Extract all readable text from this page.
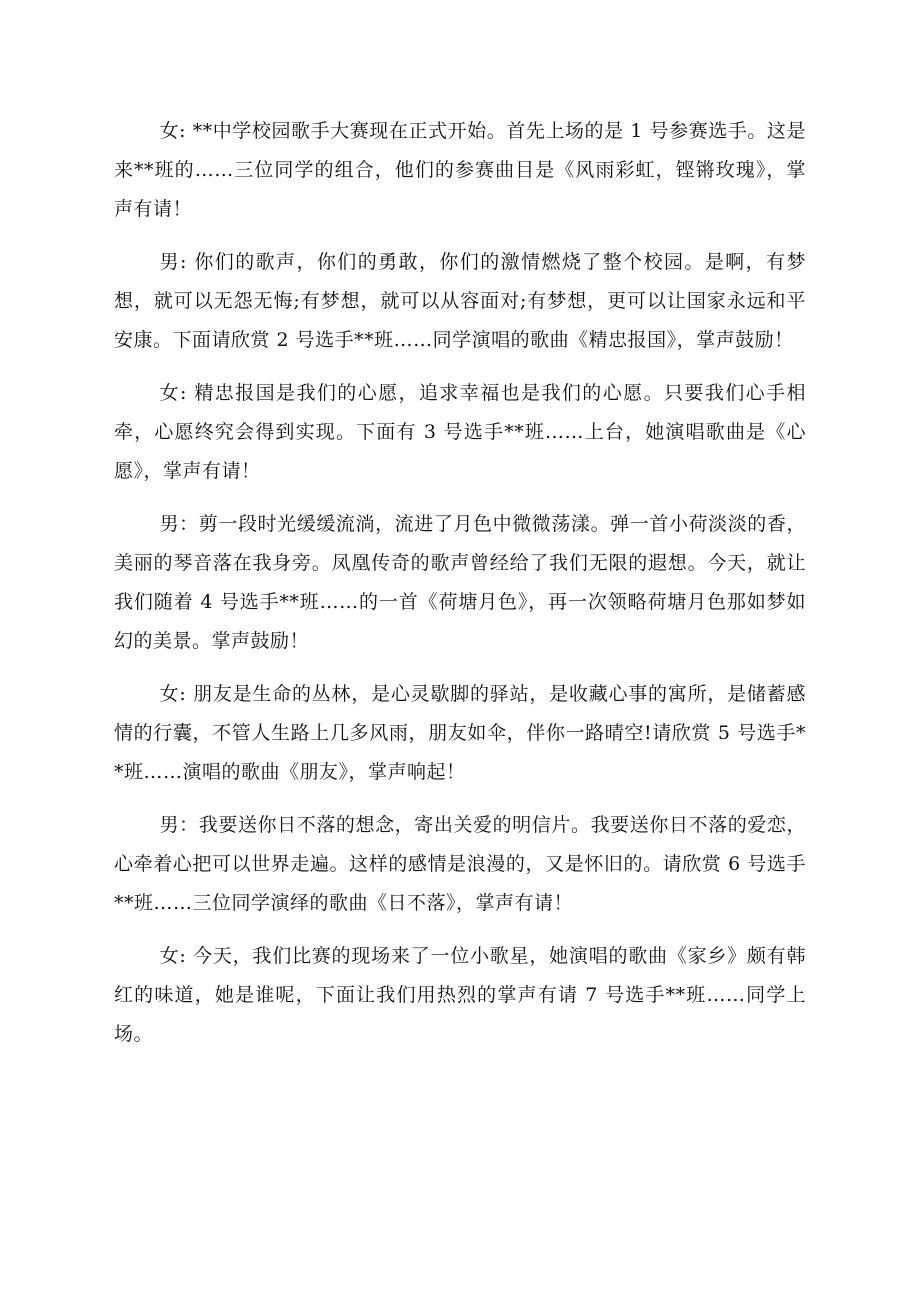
女: **中学校园歌手大赛现在正式开始。首先上场的是 1 号参赛选手。这是来**班的……三位同学的组合，他们的参赛曲目是《风雨彩虹，铿锵玫瑰》，掌声有请！

男: 你们的歌声，你们的勇敢，你们的激情燃烧了整个校园。是啊，有梦想，就可以无怨无悔;有梦想，就可以从容面对;有梦想，更可以让国家永远和平安康。下面请欣赏 2 号选手**班……同学演唱的歌曲《精忠报国》，掌声鼓励！

女: 精忠报国是我们的心愿，追求幸福也是我们的心愿。只要我们心手相牵，心愿终究会得到实现。下面有 3 号选手**班……上台，她演唱歌曲是《心愿》，掌声有请！

男：剪一段时光缓缓流淌，流进了月色中微微荡漾。弹一首小荷淡淡的香，美丽的琴音落在我身旁。凤凰传奇的歌声曾经给了我们无限的遐想。今天，就让我们随着 4 号选手**班……的一首《荷塘月色》，再一次领略荷塘月色那如梦如幻的美景。掌声鼓励！

女: 朋友是生命的丛林，是心灵歇脚的驿站，是收藏心事的寓所，是储蓄感情的行囊，不管人生路上几多风雨，朋友如伞，伴你一路晴空!请欣赏 5 号选手**班……演唱的歌曲《朋友》，掌声响起！

男：我要送你日不落的想念，寄出关爱的明信片。我要送你日不落的爱恋，心牵着心把可以世界走遍。这样的感情是浪漫的，又是怀旧的。请欣赏 6 号选手**班……三位同学演绎的歌曲《日不落》，掌声有请！

女: 今天，我们比赛的现场来了一位小歌星，她演唱的歌曲《家乡》颇有韩红的味道，她是谁呢，下面让我们用热烈的掌声有请 7 号选手**班……同学上场。
